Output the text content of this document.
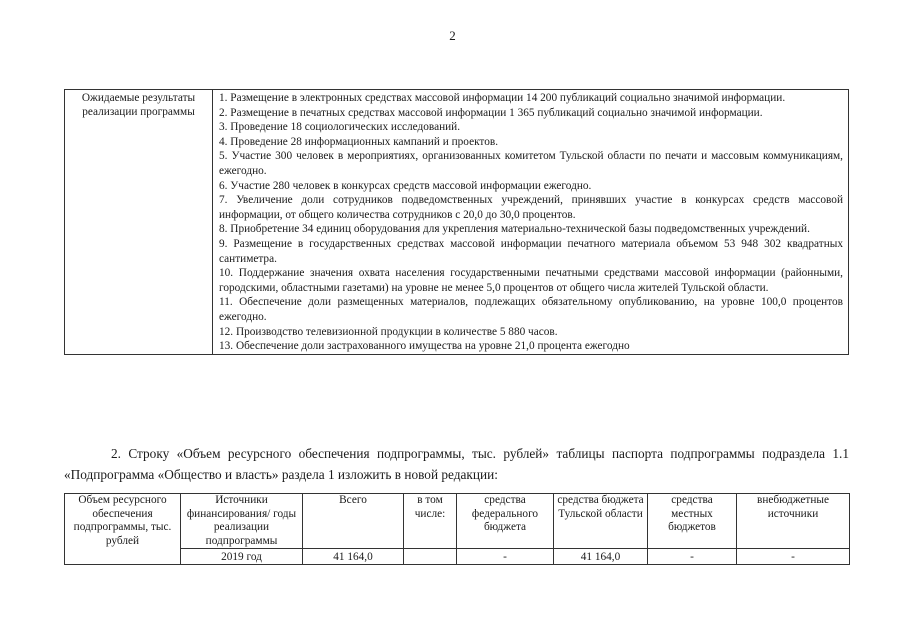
2
Ожидаемые результаты реализации программы	
1. Размещение в электронных средствах массовой информации 14 200 публикаций социально значимой информации.
2. Размещение в печатных средствах массовой информации 1 365 публикаций социально значимой информации.
3. Проведение 18 социологических исследований.
4. Проведение 28 информационных кампаний и проектов.
5. Участие 300 человек в мероприятиях, организованных комитетом Тульской области по печати и массовым коммуникациям, ежегодно.
6. Участие 280 человек в конкурсах средств массовой информации ежегодно.
7. Увеличение доли сотрудников подведомственных учреждений, принявших участие в конкурсах средств массовой информации, от общего количества сотрудников с 20,0 до 30,0 процентов.
8. Приобретение 34 единиц оборудования для укрепления материально-технической базы подведомственных учреждений.
9. Размещение в государственных средствах массовой информации печатного материала объемом 53 948 302 квадратных сантиметра.
10. Поддержание значения охвата населения государственными печатными средствами массовой информации (районными, городскими, областными газетами) на уровне не менее 5,0 процентов от общего числа жителей Тульской области.
11. Обеспечение доли размещенных материалов, подлежащих обязательному опубликованию, на уровне 100,0 процентов ежегодно.
12. Производство телевизионной продукции в количестве 5 880 часов.
13. Обеспечение доли застрахованного имущества на уровне 21,0 процента ежегодно
2. Строку «Объем ресурсного обеспечения подпрограммы, тыс. рублей» таблицы паспорта подпрограммы подраздела 1.1 «Подпрограмма «Общество и власть» раздела 1 изложить в новой редакции:
Объем ресурсного обеспечения подпрограммы, тыс. рублей	Источники финансирования/ годы реализации подпрограммы	Всего	в том числе:	средства федерального бюджета	средства бюджета Тульской области	средства местных бюджетов	внебюджетные источники
	2019 год	41 164,0		-	41 164,0	-	-
